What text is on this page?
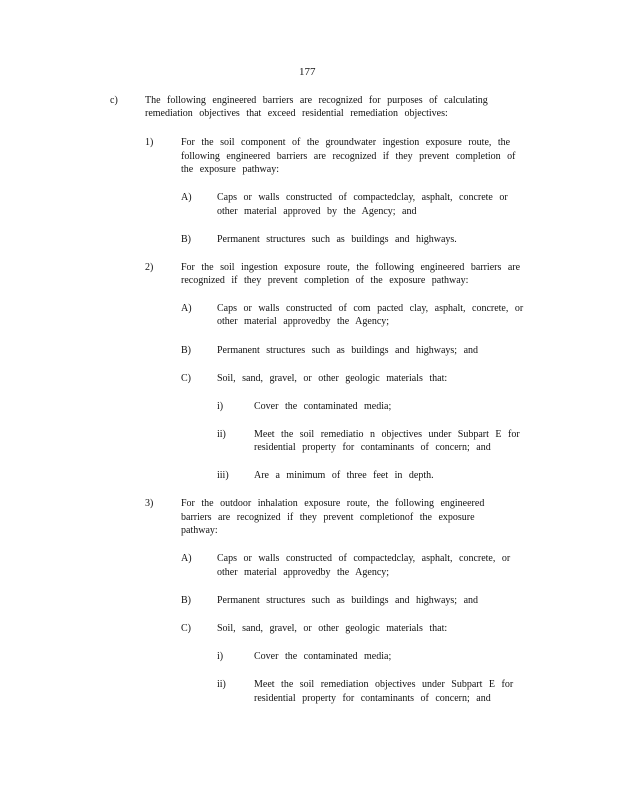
177
c)	The following engineered barriers are recognized for purposes of calculating
remediation objectives that exceed residential remediation objectives:
1)	For the soil component of the groundwater ingestion exposure route, the
following engineered barriers are recognized if they prevent completion of
the exposure pathway:
A)	Caps or walls constructed of compactedclay, asphalt, concrete or
other material approved by the Agency; and
B)	Permanent structures such as buildings and highways.
2)	For the soil ingestion exposure route, the following engineered barriers are
recognized if they prevent completion of the exposure pathway:
A)	Caps or walls constructed of com pacted clay, asphalt, concrete, or
other material approvedby the Agency;
B)	Permanent structures such as buildings and highways; and
C)	Soil, sand, gravel, or other geologic materials that:
i)	Cover the contaminated media;
ii)	Meet the soil remediatio n objectives under Subpart E for
residential property for contaminants of concern; and
iii)	Are a minimum of three feet in depth.
3)	For the outdoor inhalation exposure route, the following engineered
barriers are recognized if they prevent completionof the exposure
pathway:
A)	Caps or walls constructed of compactedclay, asphalt, concrete, or
other material approvedby the Agency;
B)	Permanent structures such as buildings and highways; and
C)	Soil, sand, gravel, or other geologic materials that:
i)	Cover the contaminated media;
ii)	Meet the soil remediation objectives under Subpart E for
residential property for contaminants of concern; and
